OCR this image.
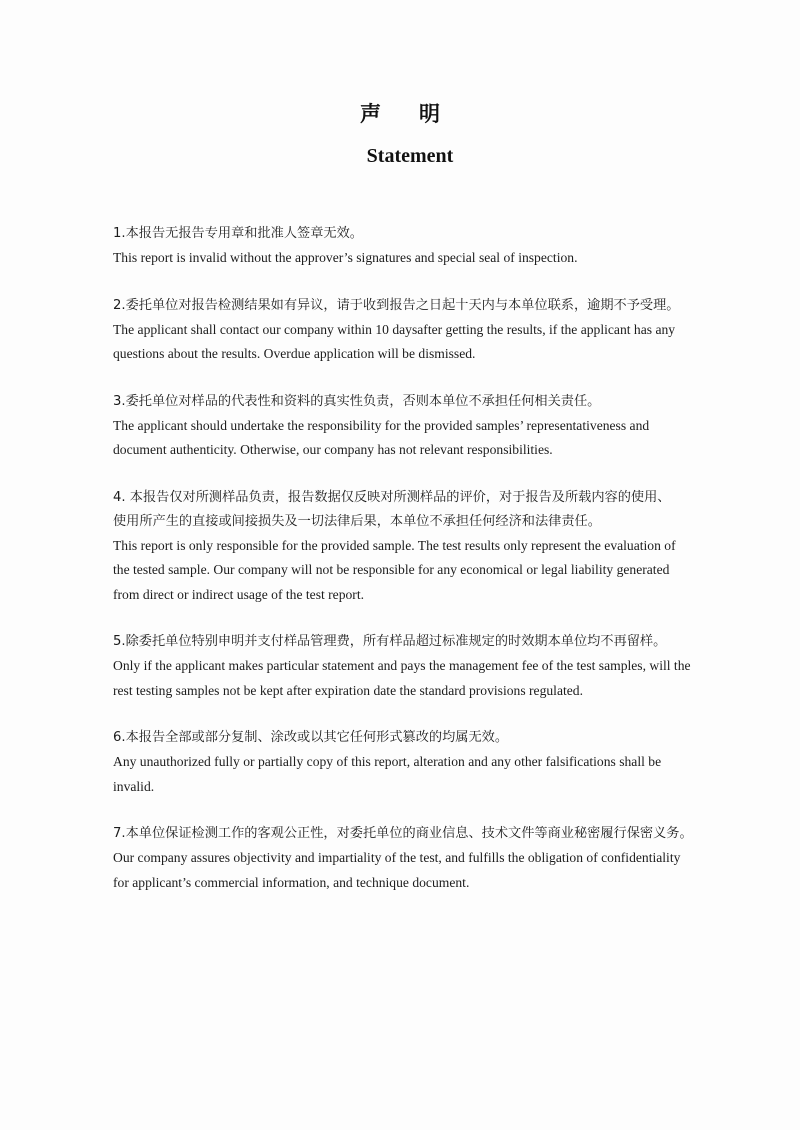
声明
Statement
1.本报告无报告专用章和批准人签章无效。
This report is invalid without the approver’s signatures and special seal of inspection.
2.委托单位对报告检测结果如有异议，请于收到报告之日起十天内与本单位联系，逾期不予受理。
The applicant shall contact our company within 10 daysafter getting the results, if the applicant has any
questions about the results. Overdue application will be dismissed.
3.委托单位对样品的代表性和资料的真实性负责，否则本单位不承担任何相关责任。
The applicant should undertake the responsibility for the provided samples’ representativeness and
document authenticity. Otherwise, our company has not relevant responsibilities.
4. 本报告仅对所测样品负责，报告数据仅反映对所测样品的评价，对于报告及所载内容的使用、
使用所产生的直接或间接损失及一切法律后果，本单位不承担任何经济和法律责任。
This report is only responsible for the provided sample. The test results only represent the evaluation of
the tested sample. Our company will not be responsible for any economical or legal liability generated
from direct or indirect usage of the test report.
5.除委托单位特别申明并支付样品管理费，所有样品超过标准规定的时效期本单位均不再留样。
Only if the applicant makes particular statement and pays the management fee of the test samples, will the
rest testing samples not be kept after expiration date the standard provisions regulated.
6.本报告全部或部分复制、涂改或以其它任何形式篡改的均属无效。
Any unauthorized fully or partially copy of this report, alteration and any other falsifications shall be
invalid.
7.本单位保证检测工作的客观公正性，对委托单位的商业信息、技术文件等商业秘密履行保密义务。
Our company assures objectivity and impartiality of the test, and fulfills the obligation of confidentiality
for applicant’s commercial information, and technique document.
